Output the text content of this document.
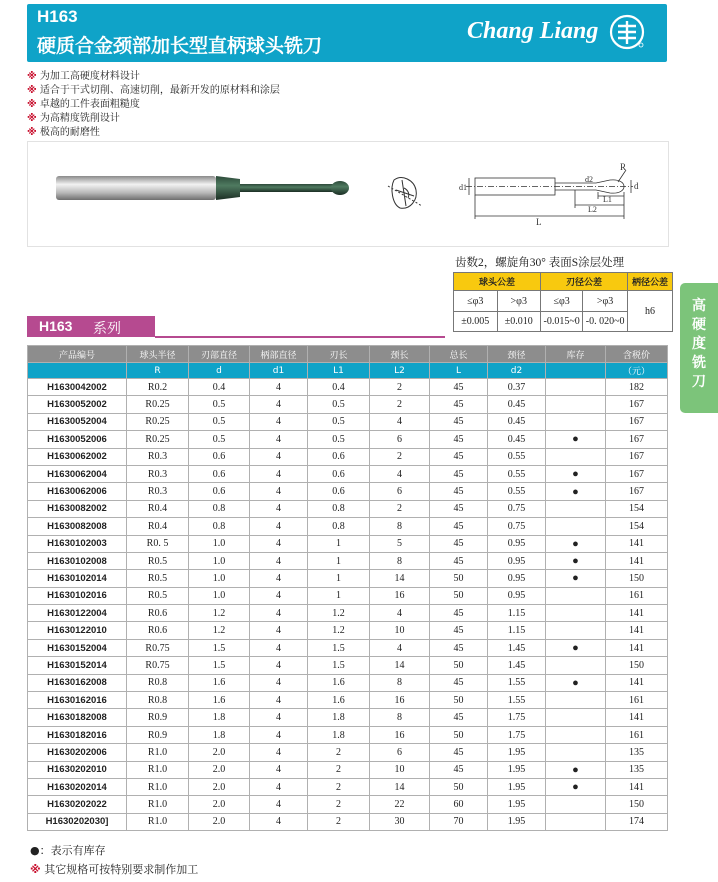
H163
硬质合金颈部加长型直柄球头铣刀
Chang Liang
※ 为加工高硬度材料设计
※ 适合于干式切削、高速切削，最新开发的原材料和涂层
※ 卓越的工件表面粗糙度
※ 为高精度铣削设计
※ 极高的耐磨性
d1
d2
R
d
L1
L2
L
齿数2，螺旋角30° 表面S涂层处理
球头公差		刃径公差		柄径公差
≤φ3	>φ3	≤φ3	>φ3	h6
±0.005	±0.010	-0.015~0	-0. 020~0	
高硬度铣刀
H163 系列
产品编号	球头半径	刃部直径	柄部直径	刃长	颈长	总长	颈径	库存	含税价
	R	d	d1	L1	L2	L	d2		（元）
H1630042002	R0.2	0.4	4	0.4	2	45	0.37		182
H1630052002	R0.25	0.5	4	0.5	2	45	0.45		167
H1630052004	R0.25	0.5	4	0.5	4	45	0.45		167
H1630052006	R0.25	0.5	4	0.5	6	45	0.45	●	167
H1630062002	R0.3	0.6	4	0.6	2	45	0.55		167
H1630062004	R0.3	0.6	4	0.6	4	45	0.55	●	167
H1630062006	R0.3	0.6	4	0.6	6	45	0.55	●	167
H1630082002	R0.4	0.8	4	0.8	2	45	0.75		154
H1630082008	R0.4	0.8	4	0.8	8	45	0.75		154
H1630102003	R0. 5	1.0	4	1	5	45	0.95	●	141
H1630102008	R0.5	1.0	4	1	8	45	0.95	●	141
H1630102014	R0.5	1.0	4	1	14	50	0.95	●	150
H1630102016	R0.5	1.0	4	1	16	50	0.95		161
H1630122004	R0.6	1.2	4	1.2	4	45	1.15		141
H1630122010	R0.6	1.2	4	1.2	10	45	1.15		141
H1630152004	R0.75	1.5	4	1.5	4	45	1.45	●	141
H1630152014	R0.75	1.5	4	1.5	14	50	1.45		150
H1630162008	R0.8	1.6	4	1.6	8	45	1.55	●	141
H1630162016	R0.8	1.6	4	1.6	16	50	1.55		161
H1630182008	R0.9	1.8	4	1.8	8	45	1.75		141
H1630182016	R0.9	1.8	4	1.8	16	50	1.75		161
H1630202006	R1.0	2.0	4	2	6	45	1.95		135
H1630202010	R1.0	2.0	4	2	10	45	1.95	●	135
H1630202014	R1.0	2.0	4	2	14	50	1.95	●	141
H1630202022	R1.0	2.0	4	2	22	60	1.95		150
H1630202030]	R1.0	2.0	4	2	30	70	1.95		174
●：表示有库存
※ 其它规格可按特别要求制作加工
